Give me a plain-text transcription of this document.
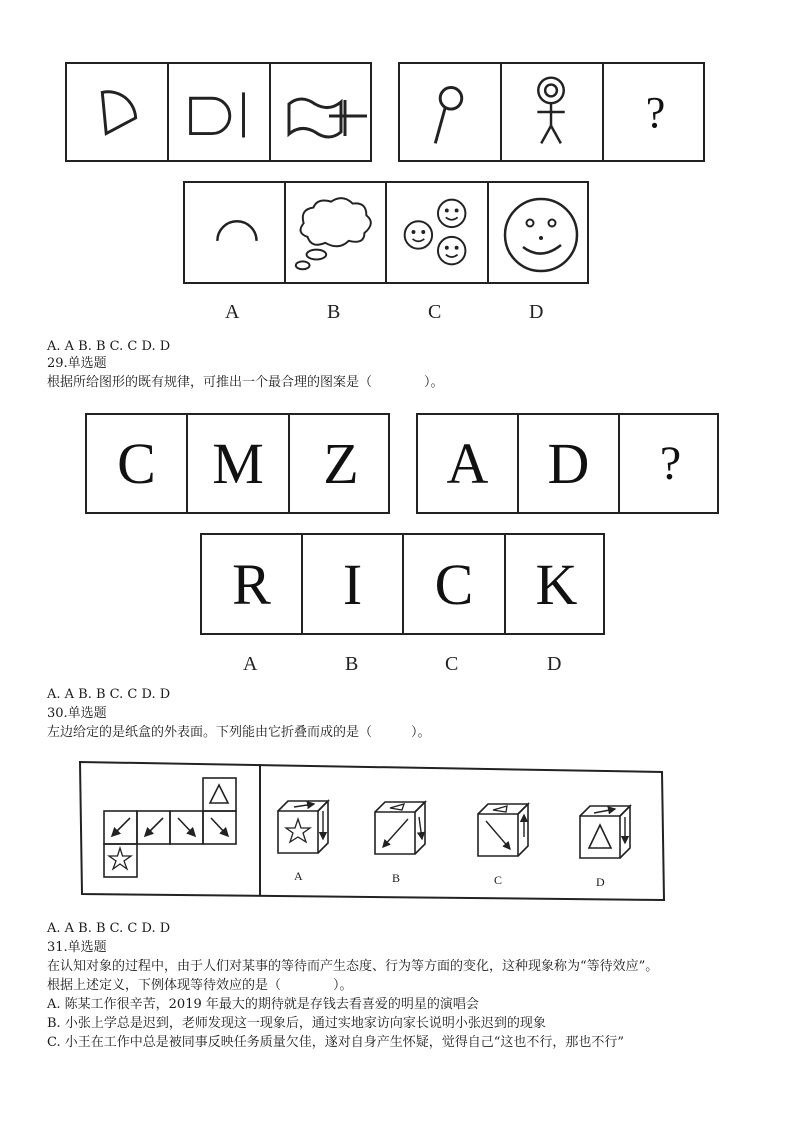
?
A	B	C	D
A. A B. B C. C D. D
29.单选题
根据所给图形的既有规律，可推出一个最合理的图案是（　　　　）。
C M	Z	A	D	?
R	I	C	K
A	B	C	D
A. A B. B C. C D. D
30.单选题
左边给定的是纸盒的外表面。下列能由它折叠而成的是（　　　）。
A	B	C	D
A. A B. B C. C D. D
31.单选题
在认知对象的过程中，由于人们对某事的等待而产生态度、行为等方面的变化，这种现象称为“等待效应”。
根据上述定义，下例体现等待效应的是（　　　　）。
A. 陈某工作很辛苦，2019 年最大的期待就是存钱去看喜爱的明星的演唱会
B. 小张上学总是迟到，老师发现这一现象后，通过实地家访向家长说明小张迟到的现象
C. 小王在工作中总是被同事反映任务质量欠佳，遂对自身产生怀疑，觉得自己“这也不行，那也不行”
